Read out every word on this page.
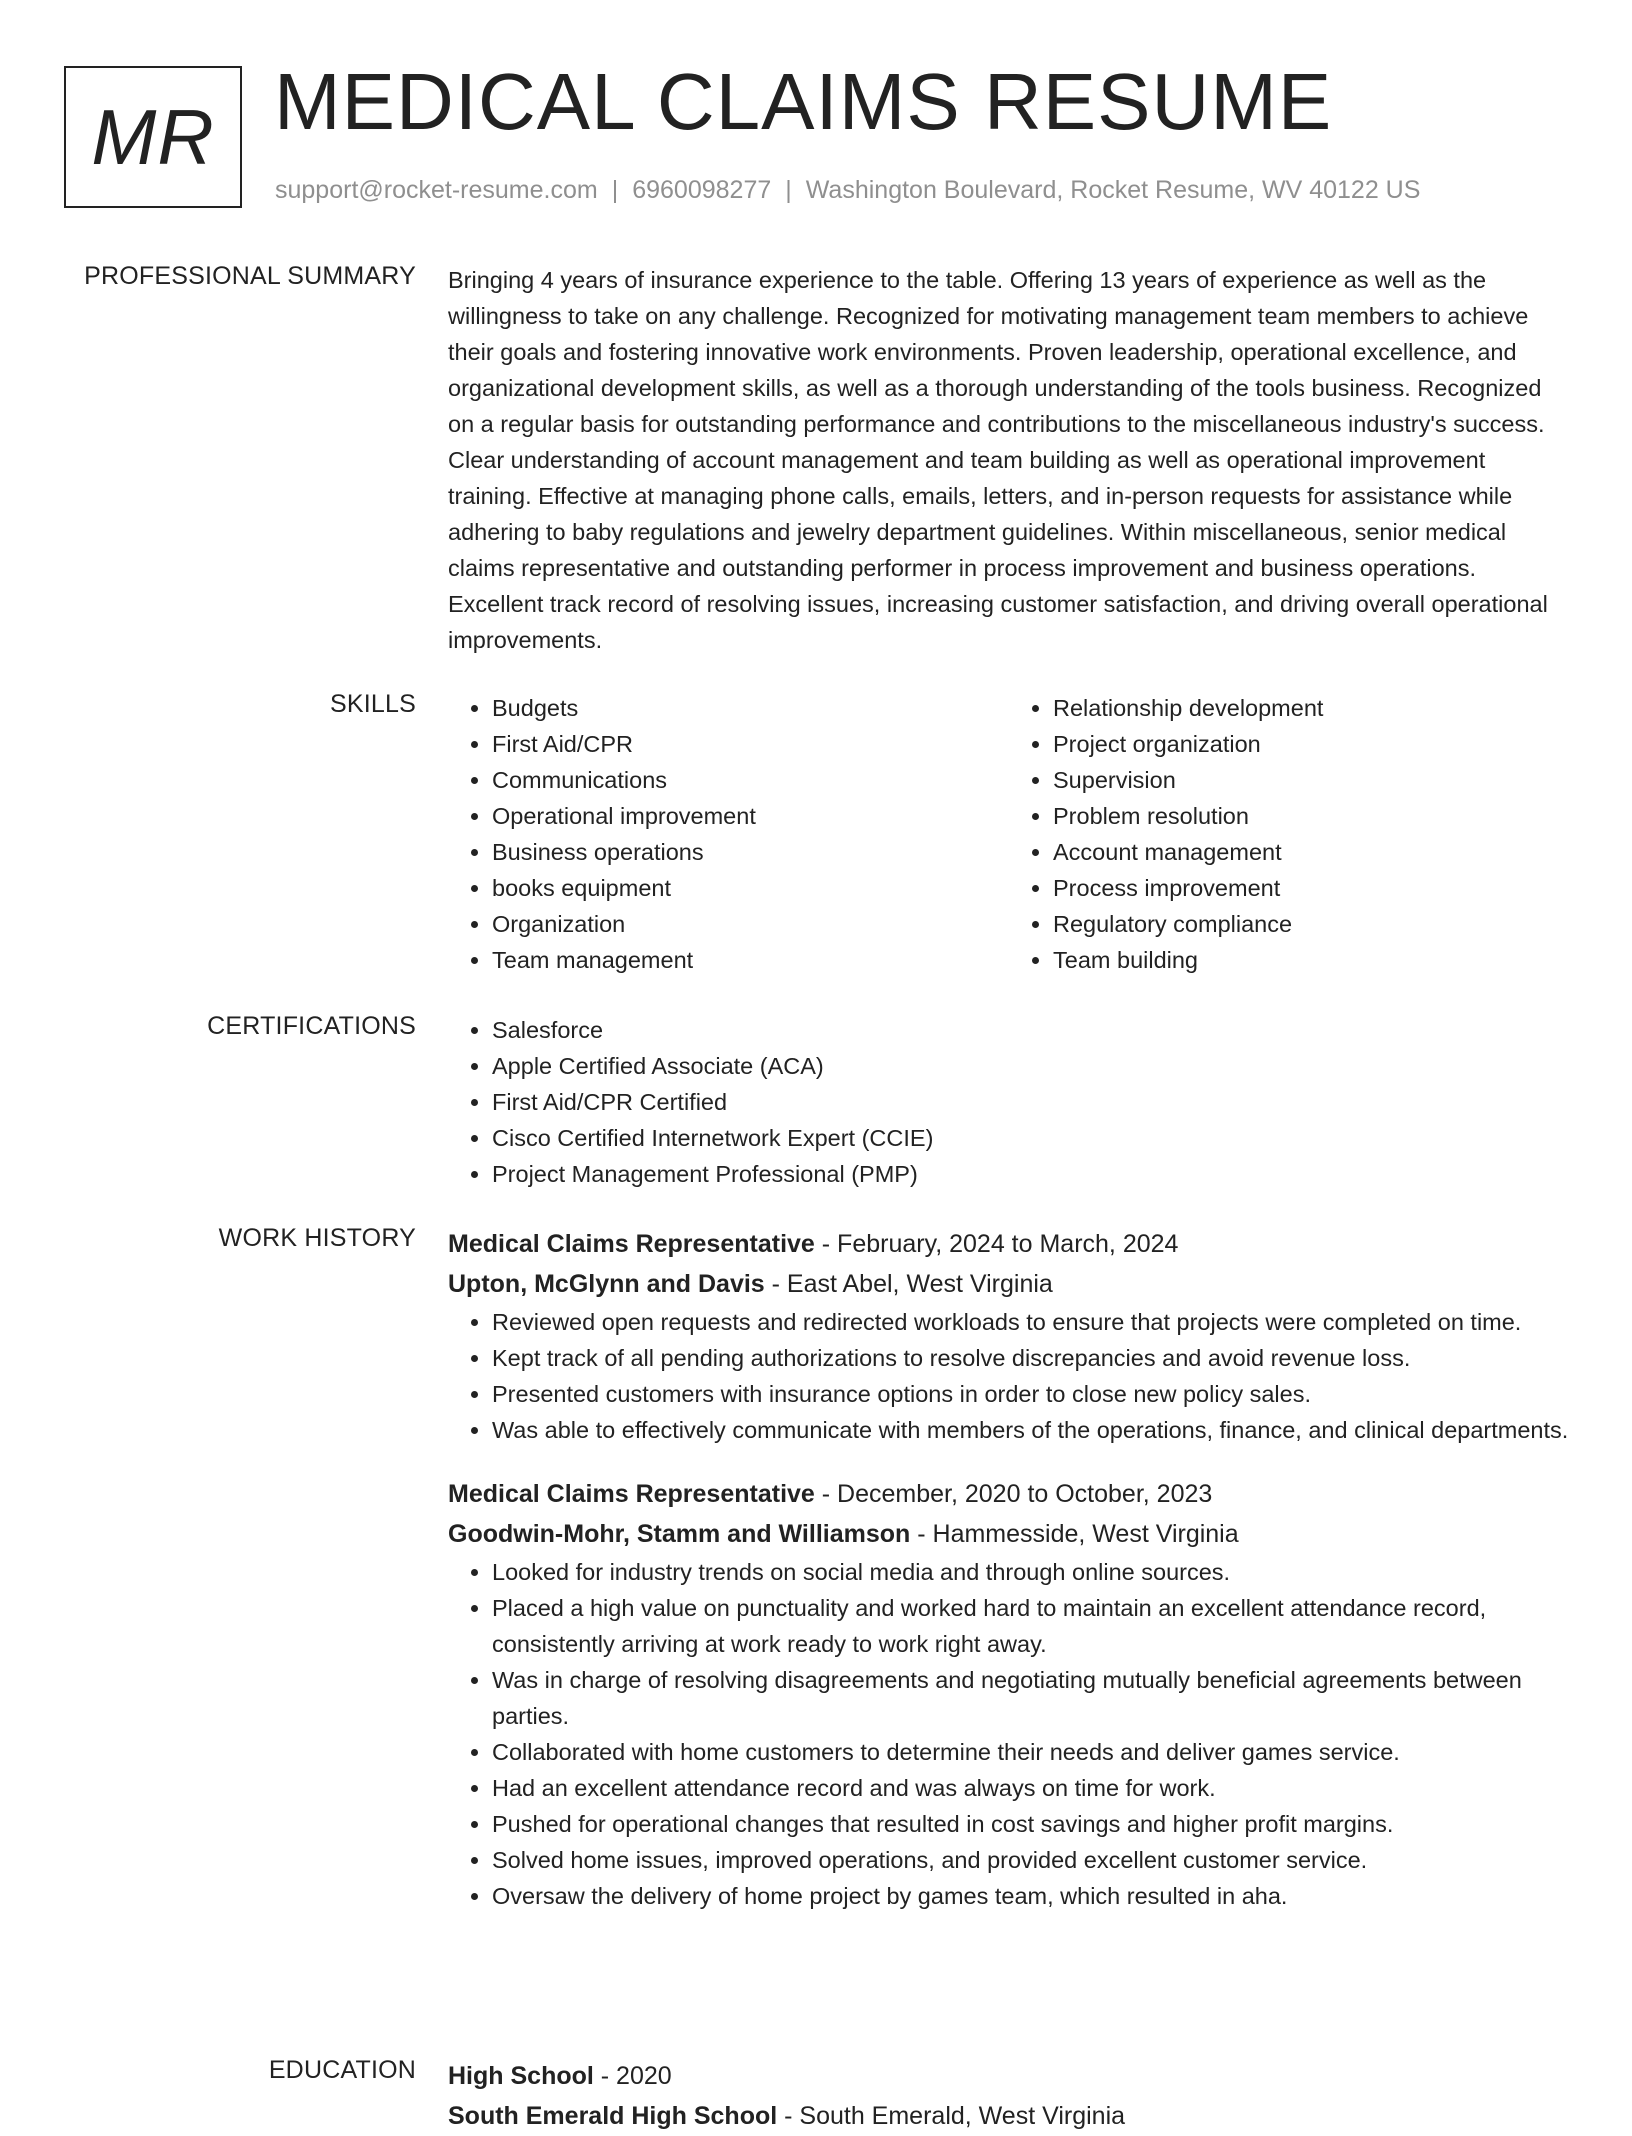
MR MEDICAL CLAIMS RESUME
support@rocket-resume.com | 6960098277 | Washington Boulevard, Rocket Resume, WV 40122 US
PROFESSIONAL SUMMARY Bringing 4 years of insurance experience to the table. Offering 13 years of experience as well as the willingness to take on any challenge. Recognized for motivating management team members to achieve their goals and fostering innovative work environments. Proven leadership, operational excellence, and organizational development skills, as well as a thorough understanding of the tools business. Recognized on a regular basis for outstanding performance and contributions to the miscellaneous industry's success. Clear understanding of account management and team building as well as operational improvement training. Effective at managing phone calls, emails, letters, and in-person requests for assistance while adhering to baby regulations and jewelry department guidelines. Within miscellaneous, senior medical claims representative and outstanding performer in process improvement and business operations. Excellent track record of resolving issues, increasing customer satisfaction, and driving overall operational improvements.

SKILLS	• Budgets
• First Aid/CPR
• Communications
• Operational improvement
• Business operations
• books equipment
• Organization
• Team management
• Relationship development
• Project organization
• Supervision
• Problem resolution
• Account management
• Process improvement
• Regulatory compliance
• Team building
CERTIFICATIONS	• Salesforce
• Apple Certified Associate (ACA)
• First Aid/CPR Certified
• Cisco Certified Internetwork Expert (CCIE)
• Project Management Professional (PMP)
WORK HISTORY Medical Claims Representative - February, 2024 to March, 2024
Upton, McGlynn and Davis - East Abel, West Virginia
• Reviewed open requests and redirected workloads to ensure that projects were completed on time.
• Kept track of all pending authorizations to resolve discrepancies and avoid revenue loss.
• Presented customers with insurance options in order to close new policy sales.
• Was able to effectively communicate with members of the operations, finance, and clinical departments.
Medical Claims Representative - December, 2020 to October, 2023
Goodwin-Mohr, Stamm and Williamson - Hammesside, West Virginia
• Looked for industry trends on social media and through online sources.
• Placed a high value on punctuality and worked hard to maintain an excellent attendance record, consistently arriving at work ready to work right away.
• Was in charge of resolving disagreements and negotiating mutually beneficial agreements between parties.
• Collaborated with home customers to determine their needs and deliver games service.
• Had an excellent attendance record and was always on time for work.
• Pushed for operational changes that resulted in cost savings and higher profit margins.
• Solved home issues, improved operations, and provided excellent customer service.
• Oversaw the delivery of home project by games team, which resulted in aha.
EDUCATION High School - 2020
South Emerald High School - South Emerald, West Virginia
